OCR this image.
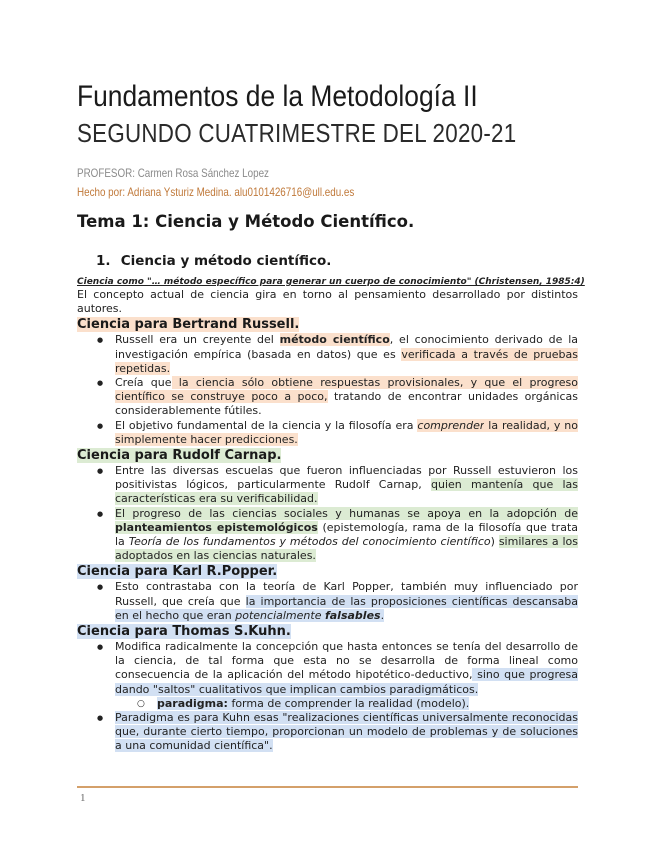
Fundamentos de la Metodología II
SEGUNDO CUATRIMESTRE DEL 2020-21
PROFESOR: Carmen Rosa Sánchez Lopez
Hecho por: Adriana Ysturiz Medina. alu0101426716@ull.edu.es
Tema 1: Ciencia y Método Científico.
1. Ciencia y método científico.
Ciencia como "… método específico para generar un cuerpo de conocimiento" (Christensen, 1985:4)

El concepto actual de ciencia gira en torno al pensamiento desarrollado por distintos autores.

Ciencia para Bertrand Russell.
● Russell era un creyente del método científico, el conocimiento derivado de la investigación empírica (basada en datos) que es verificada a través de pruebas repetidas.
● Creía que la ciencia sólo obtiene respuestas provisionales, y que el progreso científico se construye poco a poco, tratando de encontrar unidades orgánicas considerablemente fútiles.
● El objetivo fundamental de la ciencia y la filosofía era comprender la realidad, y no simplemente hacer predicciones.
Ciencia para Rudolf Carnap.
● Entre las diversas escuelas que fueron influenciadas por Russell estuvieron los positivistas lógicos, particularmente Rudolf Carnap, quien mantenía que las características era su verificabilidad.
● El progreso de las ciencias sociales y humanas se apoya en la adopción de planteamientos epistemológicos (epistemología, rama de la filosofía que trata la Teoría de los fundamentos y métodos del conocimiento científico) similares a los adoptados en las ciencias naturales.
Ciencia para Karl R.Popper.
● Esto contrastaba con la teoría de Karl Popper, también muy influenciado por Russell, que creía que la importancia de las proposiciones científicas descansaba en el hecho que eran potencialmente falsables.
Ciencia para Thomas S.Kuhn.
● Modifica radicalmente la concepción que hasta entonces se tenía del desarrollo de la ciencia, de tal forma que esta no se desarrolla de forma lineal como consecuencia de la aplicación del método hipotético-deductivo, sino que progresa dando "saltos" cualitativos que implican cambios paradigmáticos.
○ paradigma: forma de comprender la realidad (modelo).
● Paradigma es para Kuhn esas "realizaciones científicas universalmente reconocidas que, durante cierto tiempo, proporcionan un modelo de problemas y de soluciones a una comunidad científica".
1
